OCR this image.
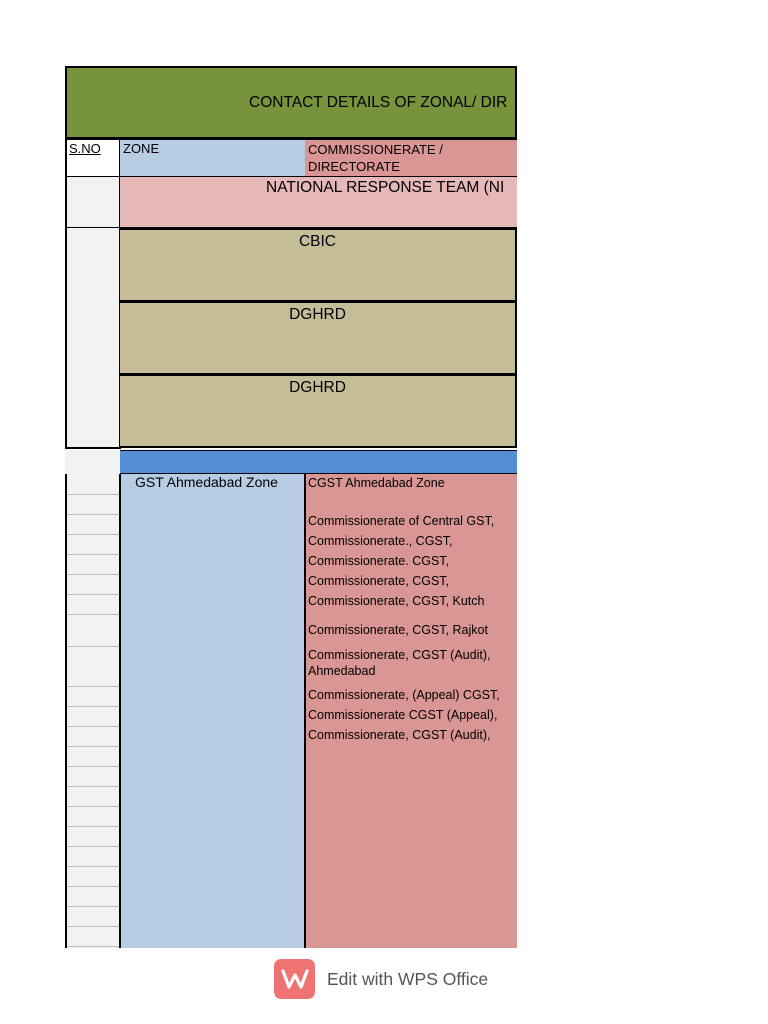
CONTACT DETAILS OF ZONAL/ DIR
S.NO	ZONE	COMMISSIONERATE / DIRECTORATE
NATIONAL RESPONSE TEAM (NI
CBIC
DGHRD
DGHRD
GST Ahmedabad Zone CGST Ahmedabad Zone
Commissionerate of Central GST,
Commissionerate., CGST,
Commissionerate. CGST,
Commissionerate, CGST,
Commissionerate, CGST, Kutch
Commissionerate, CGST, Rajkot
Commissionerate, CGST (Audit), Ahmedabad
Commissionerate, (Appeal) CGST,
Commissionerate CGST (Appeal),
Commissionerate, CGST (Audit),
Edit with WPS Office
